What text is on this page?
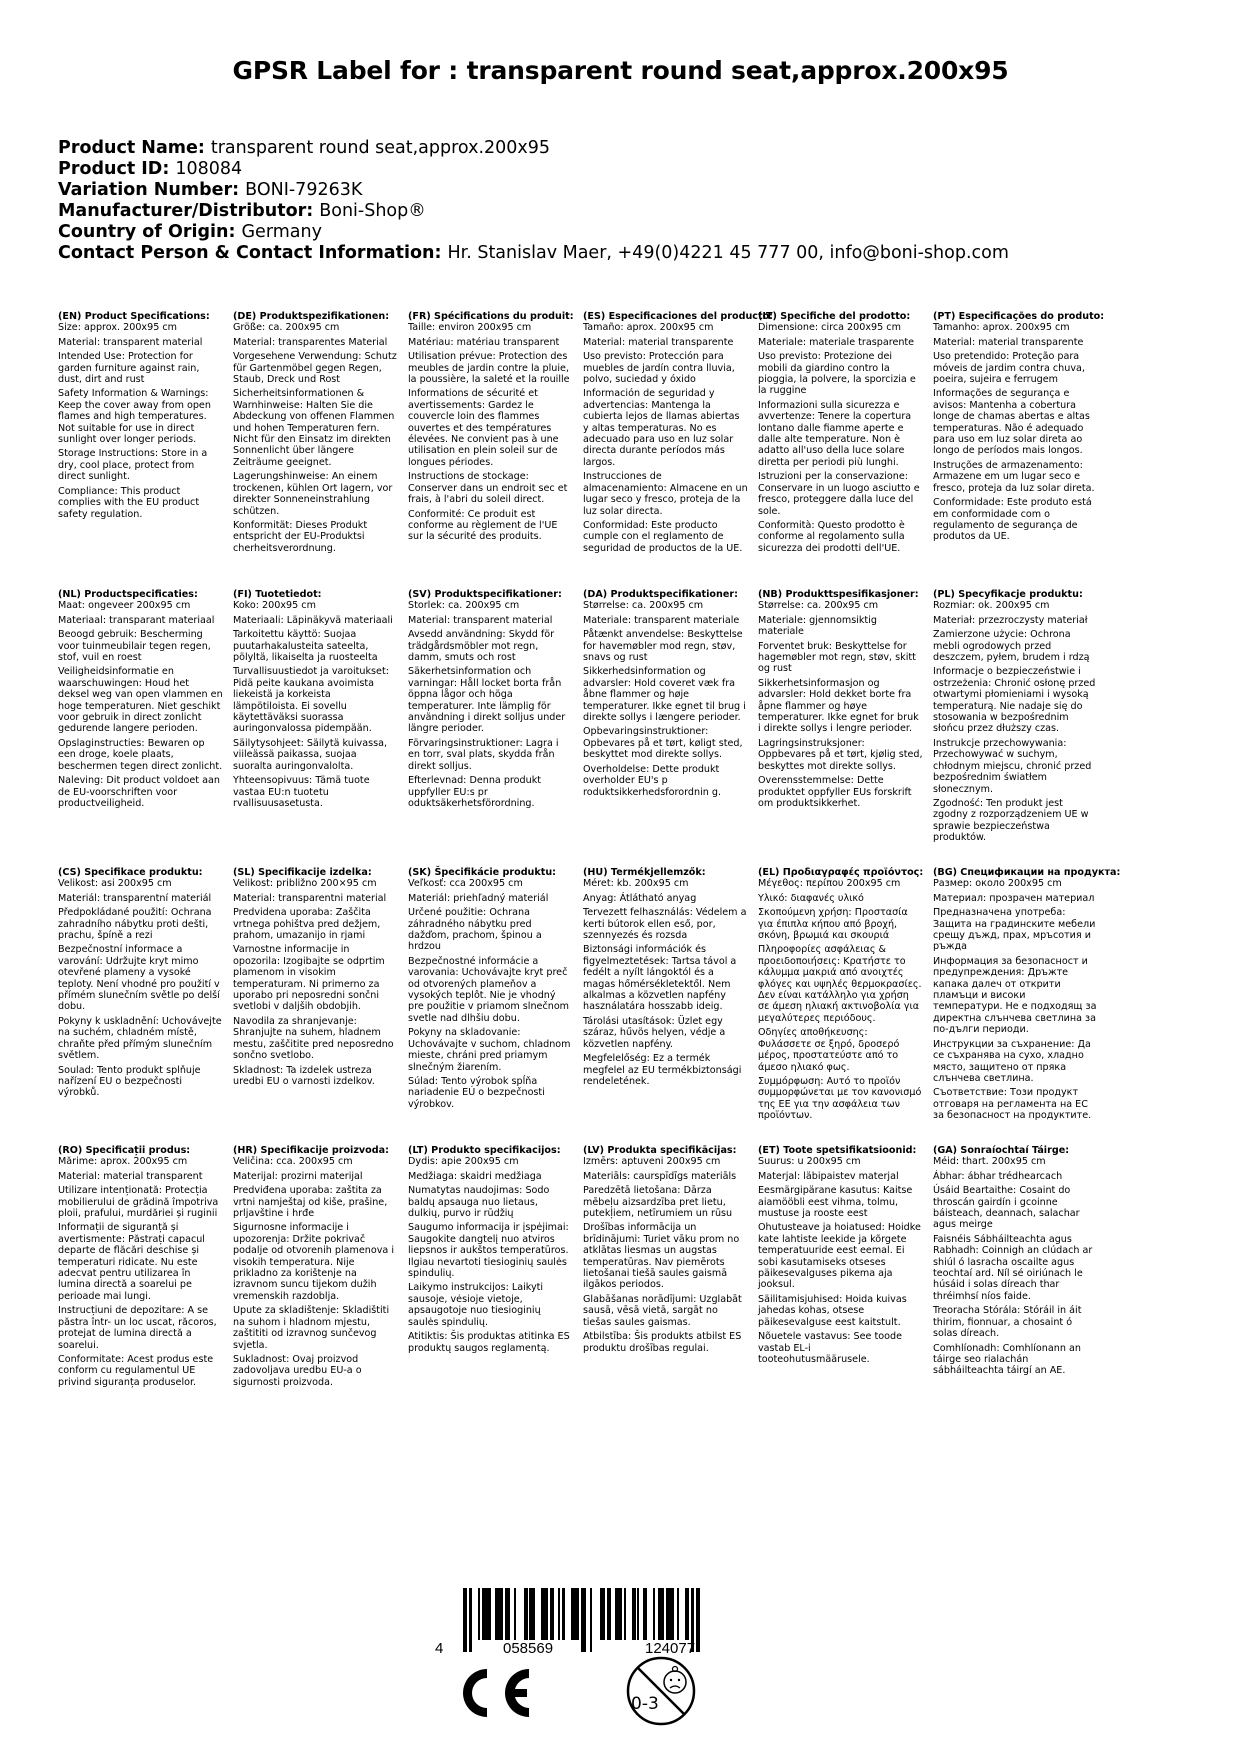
GPSR Label for : transparent round seat,approx.200x95
Product Name: transparent round seat,approx.200x95
Product ID: 108084
Variation Number: BONI-79263K
Manufacturer/Distributor: Boni-Shop®
Country of Origin: Germany
Contact Person & Contact Information: Hr. Stanislav Maer, +49(0)4221 45 777 00, info@boni-shop.com
(EN) Product Specifications:
Size: approx. 200x95 cm
Material: transparent material
Intended Use: Protection for garden furniture against rain, dust, dirt and rust
Safety Information & Warnings: Keep the cover away from open flames and high temperatures. Not suitable for use in direct sunlight over longer periods.
Storage Instructions: Store in a dry, cool place, protect from direct sunlight.
Compliance: This product complies with the EU product safety regulation.
(DE) Produktspezifikationen:
Größe: ca. 200x95 cm
Material: transparentes Material
Vorgesehene Verwendung: Schutz für Gartenmöbel gegen Regen, Staub, Dreck und Rost
Sicherheitsinformationen & Warnhinweise: Halten Sie die Abdeckung von offenen Flammen und hohen Temperaturen fern. Nicht für den Einsatz im direkten Sonnenlicht über längere Zeiträume geeignet.
Lagerungshinweise: An einem trockenen, kühlen Ort lagern, vor direkter Sonneneinstrahlung schützen.
Konformität: Dieses Produkt entspricht der EU-Produktsi cherheitsverordnung.
(FR) Spécifications du produit:
Taille: environ 200x95 cm
Matériau: matériau transparent
Utilisation prévue: Protection des meubles de jardin contre la pluie, la poussière, la saleté et la rouille
Informations de sécurité et avertissements: Gardez le couvercle loin des flammes ouvertes et des températures élevées. Ne convient pas à une utilisation en plein soleil sur de longues périodes.
Instructions de stockage: Conserver dans un endroit sec et frais, à l'abri du soleil direct.
Conformité: Ce produit est conforme au règlement de l'UE sur la sécurité des produits.
(ES) Especificaciones del producto:
Tamaño: aprox. 200x95 cm
Material: material transparente
Uso previsto: Protección para muebles de jardín contra lluvia, polvo, suciedad y óxido
Información de seguridad y advertencias: Mantenga la cubierta lejos de llamas abiertas y altas temperaturas. No es adecuado para uso en luz solar directa durante períodos más largos.
Instrucciones de almacenamiento: Almacene en un lugar seco y fresco, proteja de la luz solar directa.
Conformidad: Este producto cumple con el reglamento de seguridad de productos de la UE.
(IT) Specifiche del prodotto:
Dimensione: circa 200x95 cm
Materiale: materiale trasparente
Uso previsto: Protezione dei mobili da giardino contro la pioggia, la polvere, la sporcizia e la ruggine
Informazioni sulla sicurezza e avvertenze: Tenere la copertura lontano dalle fiamme aperte e dalle alte temperature. Non è adatto all'uso della luce solare diretta per periodi più lunghi.
Istruzioni per la conservazione: Conservare in un luogo asciutto e fresco, proteggere dalla luce del sole.
Conformità: Questo prodotto è conforme al regolamento sulla sicurezza dei prodotti dell'UE.
(PT) Especificações do produto:
Tamanho: aprox. 200x95 cm
Material: material transparente
Uso pretendido: Proteção para móveis de jardim contra chuva, poeira, sujeira e ferrugem
Informações de segurança e avisos: Mantenha a cobertura longe de chamas abertas e altas temperaturas. Não é adequado para uso em luz solar direta ao longo de períodos mais longos.
Instruções de armazenamento: Armazene em um lugar seco e fresco, proteja da luz solar direta.
Conformidade: Este produto está em conformidade com o regulamento de segurança de produtos da UE.
(NL) Productspecificaties:
Maat: ongeveer 200x95 cm
Materiaal: transparant materiaal
Beoogd gebruik: Bescherming voor tuinmeubilair tegen regen, stof, vuil en roest
Veiligheidsinformatie en waarschuwingen: Houd het deksel weg van open vlammen en hoge temperaturen. Niet geschikt voor gebruik in direct zonlicht gedurende langere perioden.
Opslaginstructies: Bewaren op een droge, koele plaats, beschermen tegen direct zonlicht.
Naleving: Dit product voldoet aan de EU-voorschriften voor productveiligheid.
(FI) Tuotetiedot:
Koko: 200x95 cm
Materiaali: Läpinäkyvä materiaali
Tarkoitettu käyttö: Suojaa puutarhakalusteita sateelta, pölyltä, likaiselta ja ruosteelta
Turvallisuustiedot ja varoitukset: Pidä peite kaukana avoimista liekeistä ja korkeista lämpötiloista. Ei sovellu käytettäväksi suorassa auringonvalossa pidempään.
Säilytysohjeet: Säilytä kuivassa, viileässä paikassa, suojaa suoralta auringonvalolta.
Yhteensopivuus: Tämä tuote vastaa EU:n tuotetu rvallisuusasetusta.
(SV) Produktspecifikationer:
Storlek: ca. 200x95 cm
Material: transparent material
Avsedd användning: Skydd för trädgårdsmöbler mot regn, damm, smuts och rost
Säkerhetsinformation och varningar: Håll locket borta från öppna lågor och höga temperaturer. Inte lämplig för användning i direkt solljus under längre perioder.
Förvaringsinstruktioner: Lagra i en torr, sval plats, skydda från direkt solljus.
Efterlevnad: Denna produkt uppfyller EU:s pr oduktsäkerhetsförordning.
(DA) Produktspecifikationer:
Størrelse: ca. 200x95 cm
Materiale: transparent materiale
Påtænkt anvendelse: Beskyttelse for havemøbler mod regn, støv, snavs og rust
Sikkerhedsinformation og advarsler: Hold coveret væk fra åbne flammer og høje temperaturer. Ikke egnet til brug i direkte sollys i længere perioder.
Opbevaringsinstruktioner: Opbevares på et tørt, køligt sted, beskyttet mod direkte sollys.
Overholdelse: Dette produkt overholder EU's p roduktsikkerhedsforordnin g.
(NB) Produkttspesifikasjoner:
Størrelse: ca. 200x95 cm
Materiale: gjennomsiktig materiale
Forventet bruk: Beskyttelse for hagemøbler mot regn, støv, skitt og rust
Sikkerhetsinformasjon og advarsler: Hold dekket borte fra åpne flammer og høye temperaturer. Ikke egnet for bruk i direkte sollys i lengre perioder.
Lagringsinstruksjoner: Oppbevares på et tørt, kjølig sted, beskyttes mot direkte sollys.
Overensstemmelse: Dette produktet oppfyller EUs forskrift om produktsikkerhet.
(PL) Specyfikacje produktu:
Rozmiar: ok. 200x95 cm
Materiał: przezroczysty materiał
Zamierzone użycie: Ochrona mebli ogrodowych przed deszczem, pyłem, brudem i rdzą
Informacje o bezpieczeństwie i ostrzeżenia: Chronić osłonę przed otwartymi płomieniami i wysoką temperaturą. Nie nadaje się do stosowania w bezpośrednim słońcu przez dłuższy czas.
Instrukcje przechowywania: Przechowywać w suchym, chłodnym miejscu, chronić przed bezpośrednim światłem słonecznym.
Zgodność: Ten produkt jest zgodny z rozporządzeniem UE w sprawie bezpieczeństwa produktów.
(CS) Specifikace produktu:
Velikost: asi 200x95 cm
Materiál: transparentní materiál
Předpokládané použití: Ochrana zahradního nábytku proti dešti, prachu, špíně a rezi
Bezpečnostní informace a varování: Udržujte kryt mimo otevřené plameny a vysoké teploty. Není vhodné pro použití v přímém slunečním světle po delší dobu.
Pokyny k uskladnění: Uchovávejte na suchém, chladném místě, chraňte před přímým slunečním světlem.
Soulad: Tento produkt splňuje nařízení EU o bezpečnosti výrobků.
(SL) Specifikacije izdelka:
Velikost: približno 200×95 cm
Material: transparentni material
Predvidena uporaba: Zaščita vrtnega pohištva pred dežjem, prahom, umazanijo in rjami
Varnostne informacije in opozorila: Izogibajte se odprtim plamenom in visokim temperaturam. Ni primerno za uporabo pri neposredni sončni svetlobi v daljših obdobjih.
Navodila za shranjevanje: Shranjujte na suhem, hladnem mestu, zaščitite pred neposredno sončno svetlobo.
Skladnost: Ta izdelek ustreza uredbi EU o varnosti izdelkov.
(SK) Špecifikácie produktu:
Veľkosť: cca 200x95 cm
Materiál: priehľadný materiál
Určené použitie: Ochrana záhradného nábytku pred dažďom, prachom, špinou a hrdzou
Bezpečnostné informácie a varovania: Uchovávajte kryt preč od otvorených plameňov a vysokých teplôt. Nie je vhodný pre použitie v priamom slnečnom svetle nad dlhšiu dobu.
Pokyny na skladovanie: Uchovávajte v suchom, chladnom mieste, chráni pred priamym slnečným žiarením.
Súlad: Tento výrobok spĺňa nariadenie EÚ o bezpečnosti výrobkov.
(HU) Termékjellemzők:
Méret: kb. 200x95 cm
Anyag: Átlátható anyag
Tervezett felhasználás: Védelem a kerti bútorok ellen eső, por, szennyezés és rozsda
Biztonsági információk és figyelmeztetések: Tartsa távol a fedélt a nyílt lángoktól és a magas hőmérsékletektől. Nem alkalmas a közvetlen napfény használatára hosszabb ideig.
Tárolási utasítások: Üzlet egy száraz, hűvös helyen, védje a közvetlen napfény.
Megfelelőség: Ez a termék megfelel az EU termékbiztonsági rendeletének.
(EL) Προδιαγραφές προϊόντος:
Μέγεθος: περίπου 200x95 cm
Υλικό: διαφανές υλικό
Σκοπούμενη χρήση: Προστασία για έπιπλα κήπου από βροχή, σκόνη, βρωμιά και σκουριά
Πληροφορίες ασφάλειας & προειδοποιήσεις: Κρατήστε το κάλυμμα μακριά από ανοιχτές φλόγες και υψηλές θερμοκρασίες. Δεν είναι κατάλληλο για χρήση σε άμεση ηλιακή ακτινοβολία για μεγαλύτερες περιόδους.
Οδηγίες αποθήκευσης: Φυλάσσετε σε ξηρό, δροσερό μέρος, προστατεύστε από το άμεσο ηλιακό φως.
Συμμόρφωση: Αυτό το προϊόν συμμορφώνεται με τον κανονισμό της ΕΕ για την ασφάλεια των προϊόντων.
(BG) Спецификации на продукта:
Размер: около 200x95 cm
Материал: прозрачен материал
Предназначена употреба: Защита на градинските мебели срещу дъжд, прах, мръсотия и ръжда
Информация за безопасност и предупреждения: Дръжте капака далеч от открити пламъци и високи температури. Не е подходящ за директна слънчева светлина за по-дълги периоди.
Инструкции за съхранение: Да се съхранява на сухо, хладно място, защитено от пряка слънчева светлина.
Съответствие: Този продукт отговаря на регламента на ЕС за безопасност на продуктите.
(RO) Specificații produs:
Mărime: aprox. 200x95 cm
Material: material transparent
Utilizare intenționată: Protecția mobilierului de grădină împotriva ploii, prafului, murdăriei și ruginii
Informații de siguranță și avertismente: Păstrați capacul departe de flăcări deschise și temperaturi ridicate. Nu este adecvat pentru utilizarea în lumina directă a soarelui pe perioade mai lungi.
Instrucțiuni de depozitare: A se păstra într- un loc uscat, răcoros, protejat de lumina directă a soarelui.
Conformitate: Acest produs este conform cu regulamentul UE privind siguranța produselor.
(HR) Specifikacije proizvoda:
Veličina: cca. 200x95 cm
Materijal: prozirni materijal
Predviđena uporaba: zaštita za vrtni namještaj od kiše, prašine, prljavštine i hrđe
Sigurnosne informacije i upozorenja: Držite pokrivač podalje od otvorenih plamenova i visokih temperatura. Nije prikladno za korištenje na izravnom suncu tijekom dužih vremenskih razdoblja.
Upute za skladištenje: Skladištiti na suhom i hladnom mjestu, zaštititi od izravnog sunčevog svjetla.
Sukladnost: Ovaj proizvod zadovoljava uredbu EU-a o sigurnosti proizvoda.
(LT) Produkto specifikacijos:
Dydis: apie 200x95 cm
Medžiaga: skaidri medžiaga
Numatytas naudojimas: Sodo baldų apsauga nuo lietaus, dulkių, purvo ir rūdžių
Saugumo informacija ir įspėjimai: Saugokite dangtelį nuo atviros liepsnos ir aukštos temperatūros. Ilgiau nevartoti tiesioginių saulės spindulių.
Laikymo instrukcijos: Laikyti sausoje, vėsioje vietoje, apsaugotoje nuo tiesioginių saulės spindulių.
Atitiktis: Šis produktas atitinka ES produktų saugos reglamentą.
(LV) Produkta specifikācijas:
Izmērs: aptuveni 200x95 cm
Materiāls: caurspīdīgs materiāls
Paredzētā lietošana: Dārza mēbeļu aizsardzība pret lietu, putekļiem, netīrumiem un rūsu
Drošības informācija un brīdinājumi: Turiet vāku prom no atklātas liesmas un augstas temperatūras. Nav piemērots lietošanai tiešā saules gaismā ilgākos periodos.
Glabāšanas norādījumi: Uzglabāt sausā, vēsā vietā, sargāt no tiešas saules gaismas.
Atbilstība: Šis produkts atbilst ES produktu drošības regulai.
(ET) Toote spetsifikatsioonid:
Suurus: u 200x95 cm
Materjal: läbipaistev materjal
Eesmärgipärane kasutus: Kaitse aiamööbli eest vihma, tolmu, mustuse ja rooste eest
Ohutusteave ja hoiatused: Hoidke kate lahtiste leekide ja kõrgete temperatuuride eest eemal. Ei sobi kasutamiseks otseses päikesevalguses pikema aja jooksul.
Säilitamisjuhised: Hoida kuivas jahedas kohas, otsese päikesevalguse eest kaitstult.
Nõuetele vastavus: See toode vastab EL-i tooteohutusmäärusele.
(GA) Sonraíochtaí Táirge:
Méid: thart. 200x95 cm
Ábhar: ábhar trédhearcach
Úsáid Beartaithe: Cosaint do throscán gairdín i gcoinne báisteach, deannach, salachar agus meirge
Faisnéis Sábháilteachta agus Rabhadh: Coinnigh an clúdach ar shiúl ó lasracha oscailte agus teochtaí ard. Níl sé oiriúnach le húsáid i solas díreach thar thréimhsí níos faide.
Treoracha Stórála: Stóráil in áit thirim, fionnuar, a chosaint ó solas díreach.
Comhlíonadh: Comhlíonann an táirge seo rialachán sábháilteachta táirgí an AE.
4	058569	124077
0-3
